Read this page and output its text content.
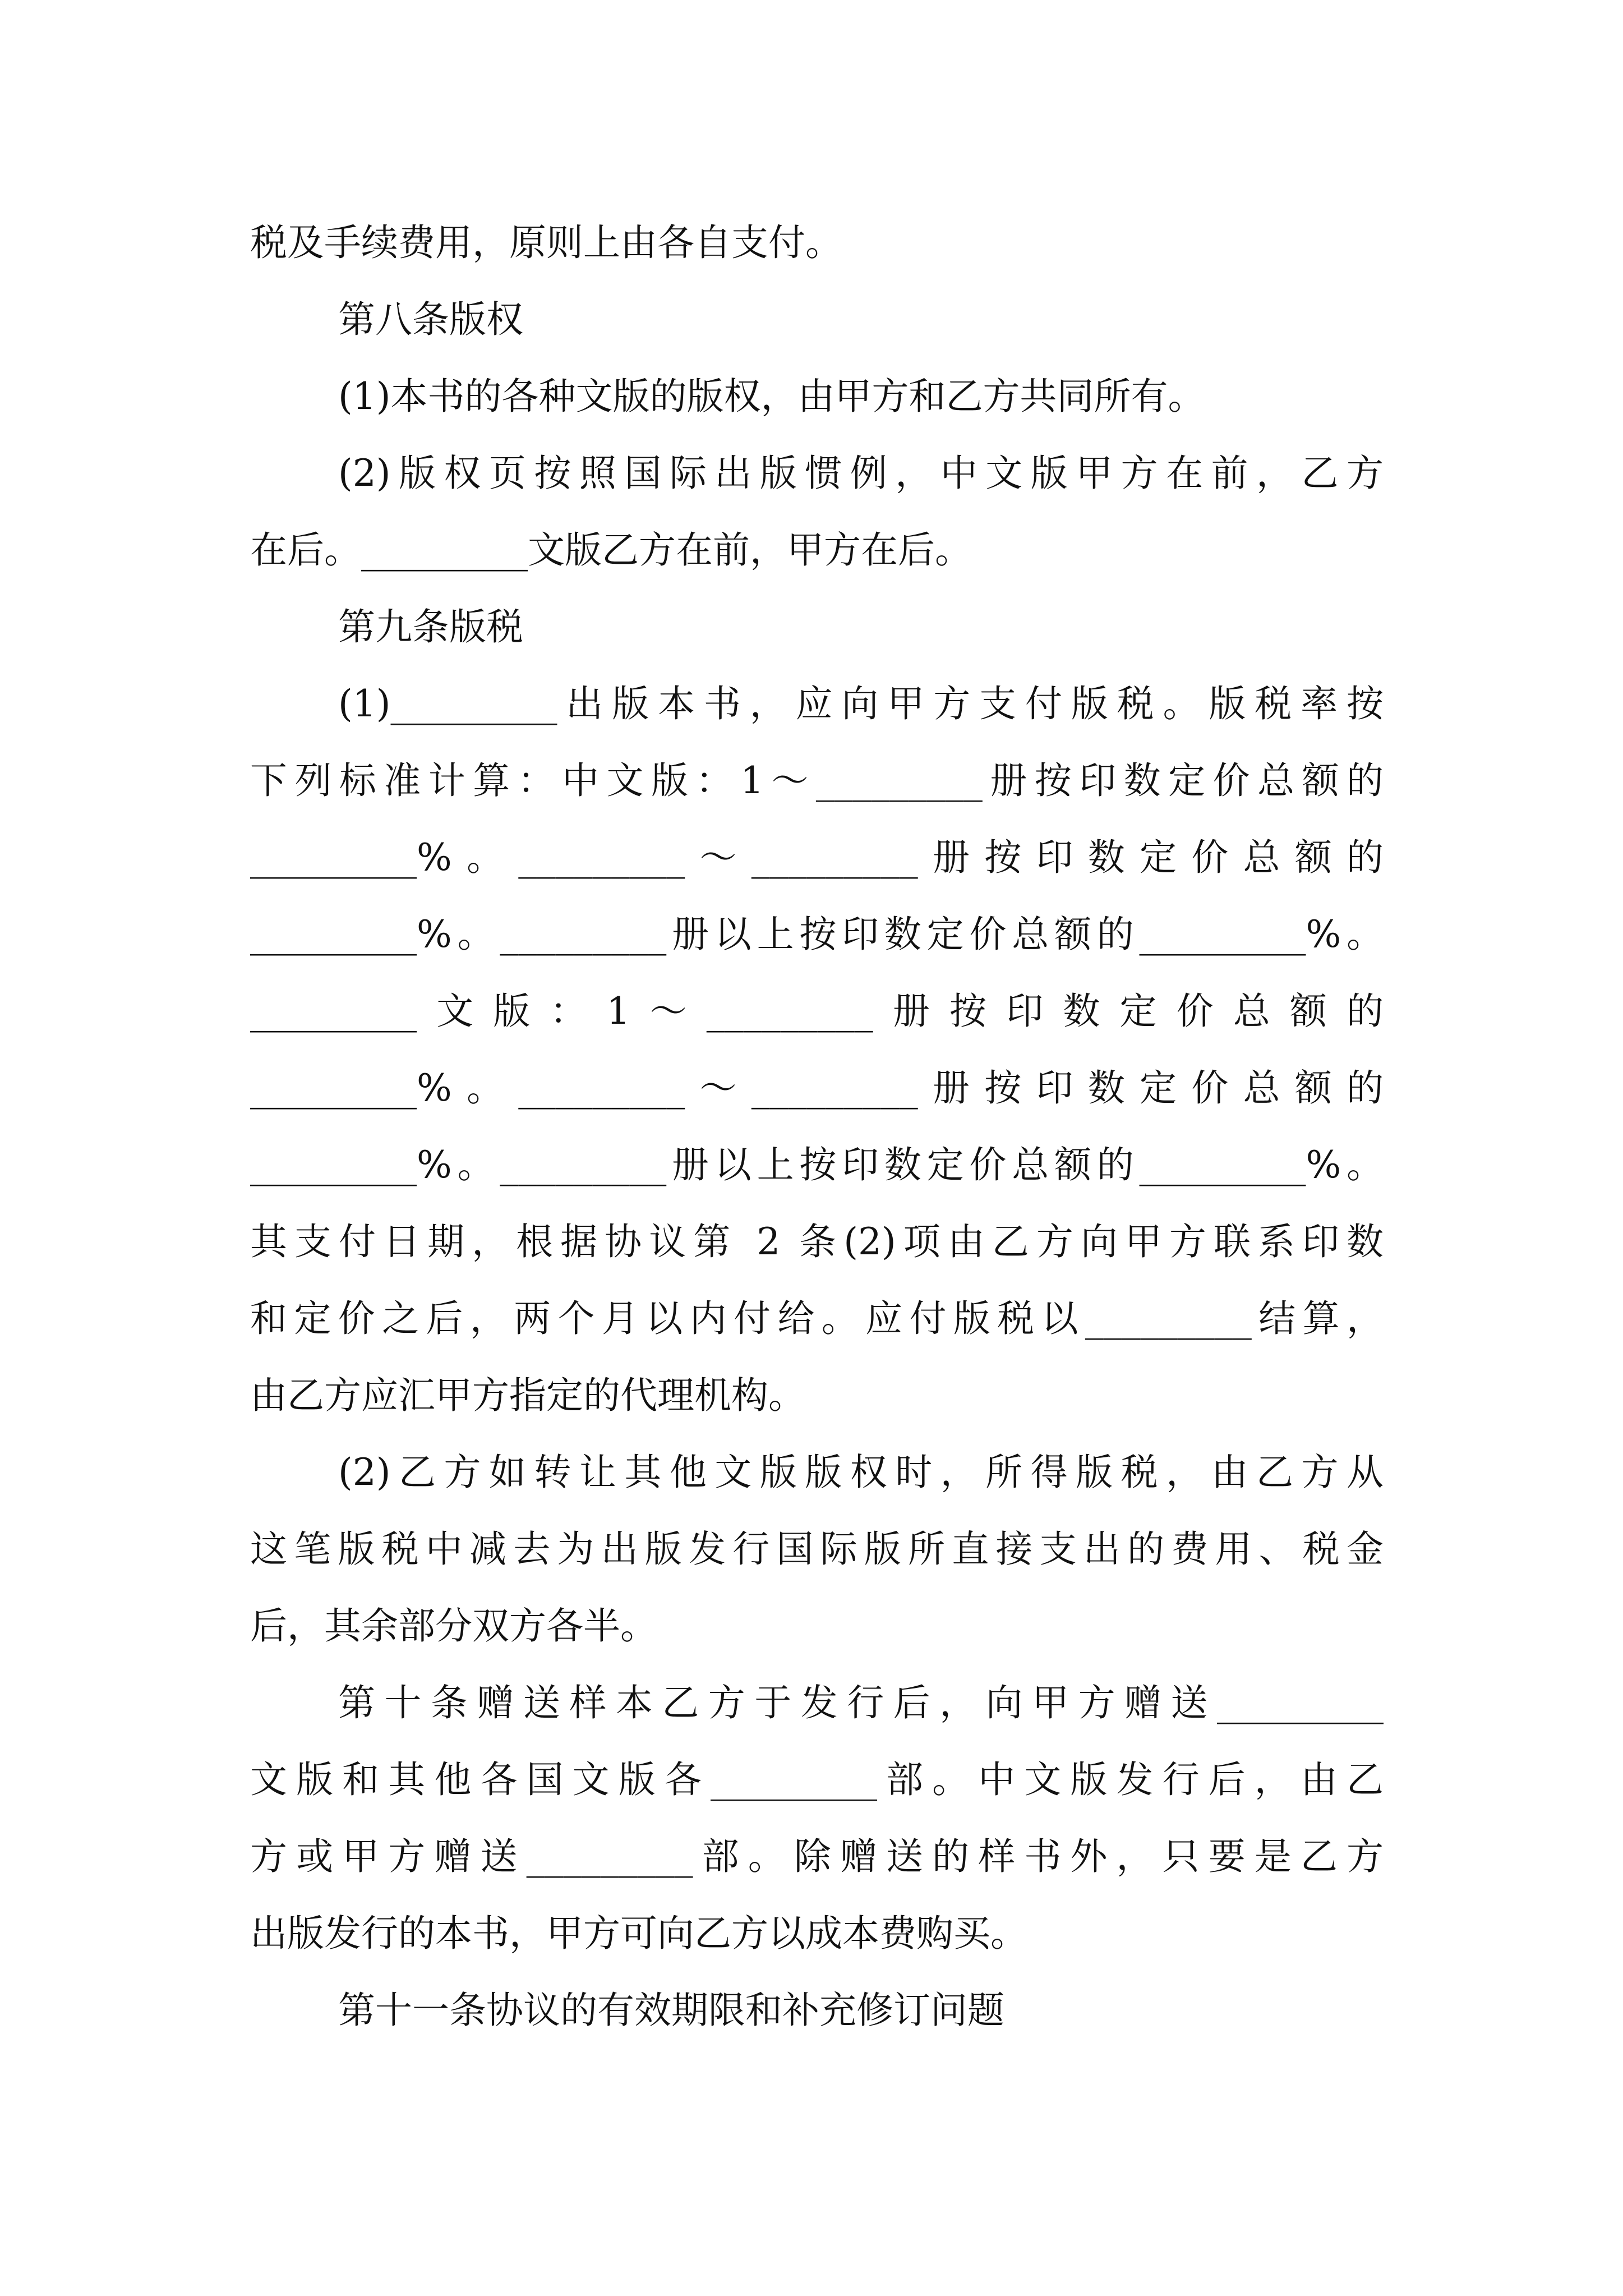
税及手续费用，原则上由各自支付。
第八条版权
(1)本书的各种文版的版权，由甲方和乙方共同所有。
(2)版权页按照国际出版惯例，中文版甲方在前，乙方
在后。_________文版乙方在前，甲方在后。
第九条版税
(1)_________出版本书，应向甲方支付版税。版税率按
下列标准计算：中文版：1～_________册按印数定价总额的
_________%。_________～_________册按印数定价总额的
_________%。_________册以上按印数定价总额的_________%。
_________文版：1～_________册按印数定价总额的
_________%。_________～_________册按印数定价总额的
_________%。_________册以上按印数定价总额的_________%。
其支付日期，根据协议第 2 条(2)项由乙方向甲方联系印数
和定价之后，两个月以内付给。应付版税以_________结算，
由乙方应汇甲方指定的代理机构。
(2)乙方如转让其他文版版权时，所得版税，由乙方从
这笔版税中减去为出版发行国际版所直接支出的费用、税金
后，其余部分双方各半。
第十条赠送样本乙方于发行后，向甲方赠送_________
文版和其他各国文版各_________部。中文版发行后，由乙
方或甲方赠送_________部。除赠送的样书外，只要是乙方
出版发行的本书，甲方可向乙方以成本费购买。
第十一条协议的有效期限和补充修订问题
